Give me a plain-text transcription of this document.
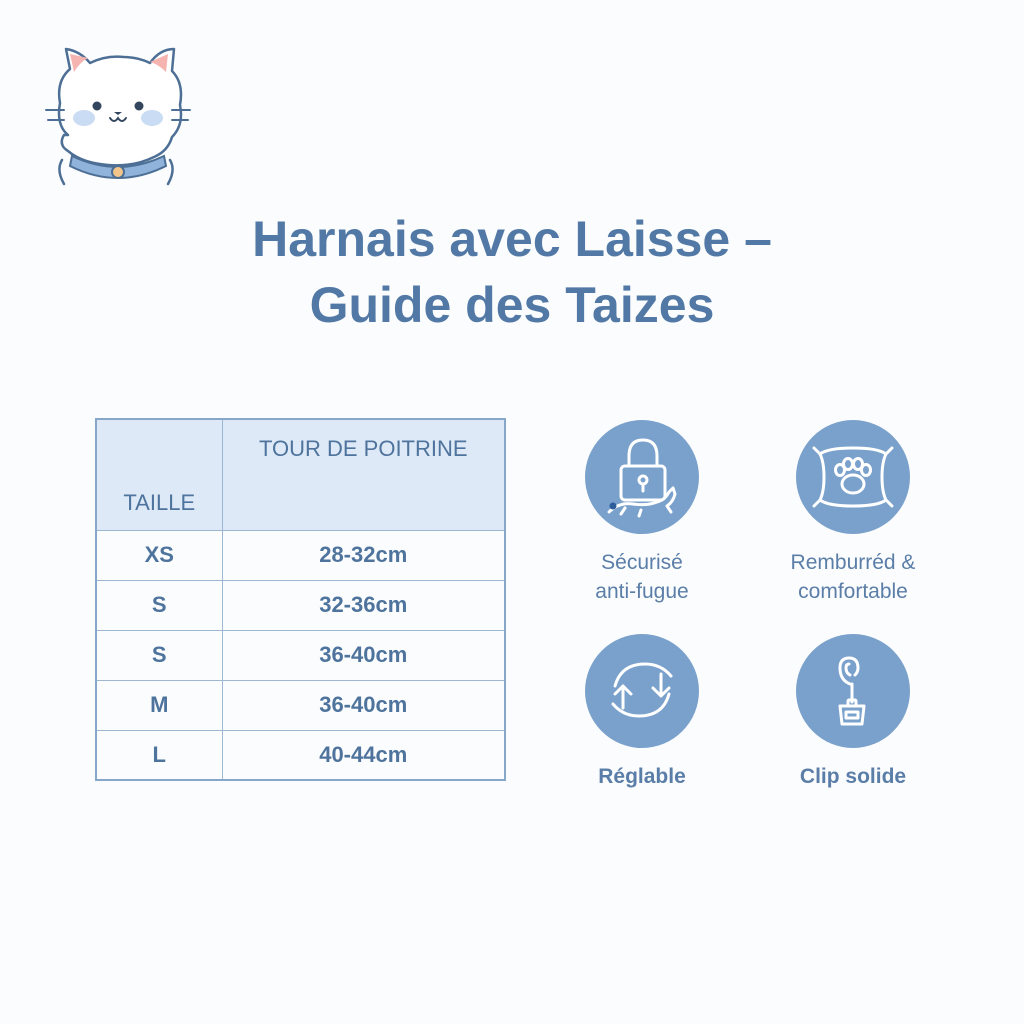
Harnais avec Laisse –
Guide des Taizes
TAILLE	TOUR DE POITRINE
XS	28-32cm
S	32-36cm
S	36-40cm
M	36-40cm
L	40-44cm
Sécurisé
anti-fugue
Remburréd &
comfortable
Réglable	Clip solide
